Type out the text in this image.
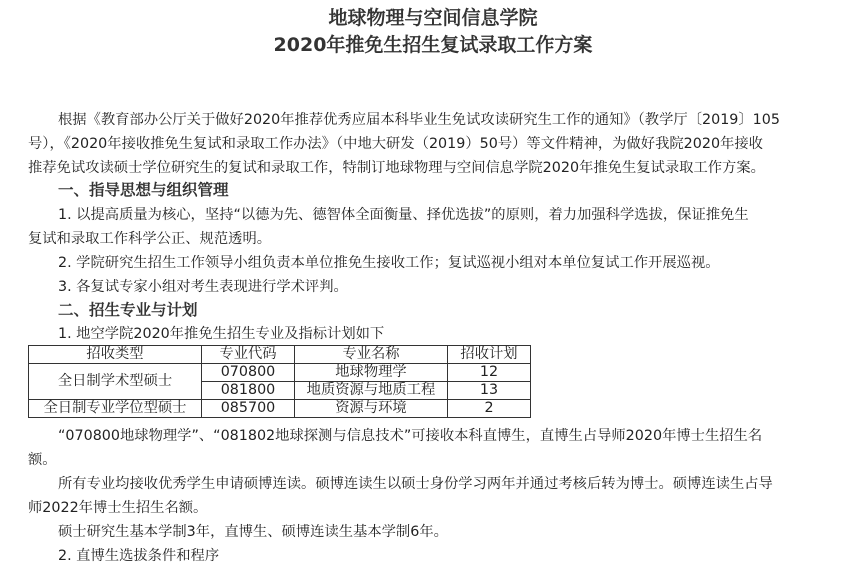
地球物理与空间信息学院
2020年推免生招生复试录取工作方案
根据《教育部办公厅关于做好2020年推荐优秀应届本科毕业生免试攻读研究生工作的通知》（教学厅〔2019〕105
号），《2020年接收推免生复试和录取工作办法》（中地大研发（2019）50号）等文件精神，为做好我院2020年接收
推荐免试攻读硕士学位研究生的复试和录取工作，特制订地球物理与空间信息学院2020年推免生复试录取工作方案。
一、指导思想与组织管理
1. 以提高质量为核心，坚持“以德为先、德智体全面衡量、择优选拔”的原则，着力加强科学选拔，保证推免生
复试和录取工作科学公正、规范透明。
2. 学院研究生招生工作领导小组负责本单位推免生接收工作；复试巡视小组对本单位复试工作开展巡视。
3. 各复试专家小组对考生表现进行学术评判。
二、招生专业与计划
1. 地空学院2020年推免生招生专业及指标计划如下
招收类型	专业代码	专业名称	招收计划
全日制学术型硕士	070800	地球物理学	12
	081800	地质资源与地质工程	13
全日制专业学位型硕士	085700	资源与环境	2
“070800地球物理学”、“081802地球探测与信息技术”可接收本科直博生，直博生占导师2020年博士生招生名
额。
所有专业均接收优秀学生申请硕博连读。硕博连读生以硕士身份学习两年并通过考核后转为博士。硕博连读生占导
师2022年博士生招生名额。
硕士研究生基本学制3年，直博生、硕博连读生基本学制6年。
2. 直博生选拔条件和程序
